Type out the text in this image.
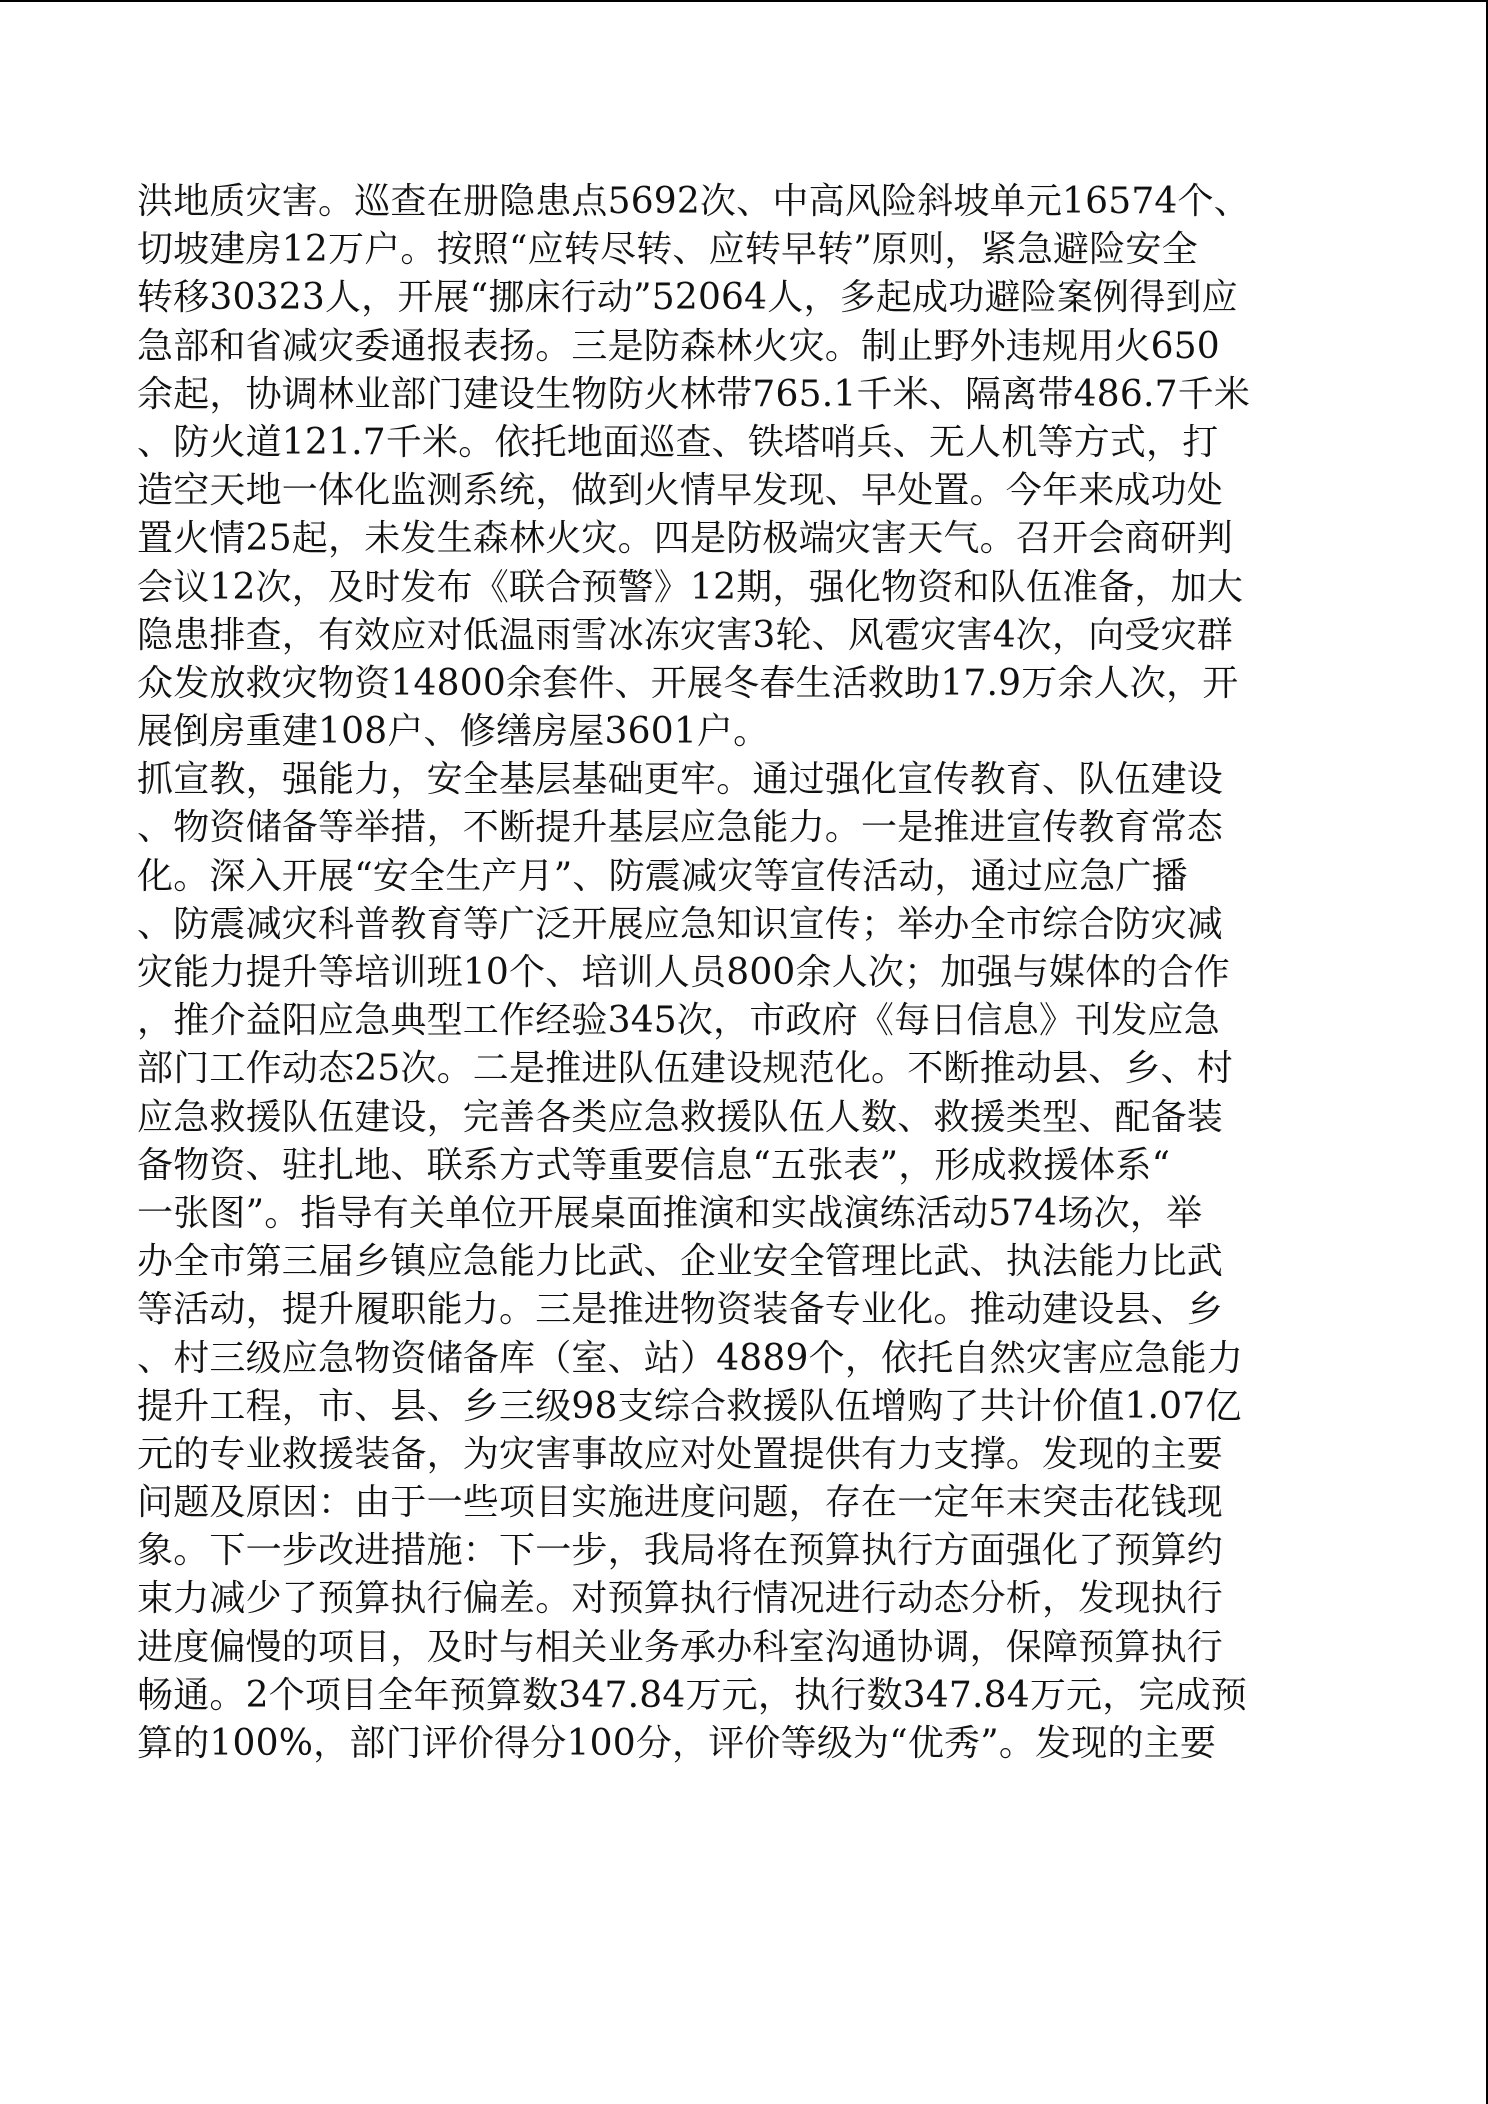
洪地质灾害。巡查在册隐患点5692次、中高风险斜坡单元16574个、
切坡建房12万户。按照“应转尽转、应转早转”原则，紧急避险安全
转移30323人，开展“挪床行动”52064人，多起成功避险案例得到应
急部和省减灾委通报表扬。三是防森林火灾。制止野外违规用火650
余起，协调林业部门建设生物防火林带765.1千米、隔离带486.7千米
、防火道121.7千米。依托地面巡查、铁塔哨兵、无人机等方式，打
造空天地一体化监测系统，做到火情早发现、早处置。今年来成功处
置火情25起，未发生森林火灾。四是防极端灾害天气。召开会商研判
会议12次，及时发布《联合预警》12期，强化物资和队伍准备，加大
隐患排查，有效应对低温雨雪冰冻灾害3轮、风雹灾害4次，向受灾群
众发放救灾物资14800余套件、开展冬春生活救助17.9万余人次，开
展倒房重建108户、修缮房屋3601户。
抓宣教，强能力，安全基层基础更牢。通过强化宣传教育、队伍建设
、物资储备等举措，不断提升基层应急能力。一是推进宣传教育常态
化。深入开展“安全生产月”、防震减灾等宣传活动，通过应急广播
、防震减灾科普教育等广泛开展应急知识宣传；举办全市综合防灾减
灾能力提升等培训班10个、培训人员800余人次；加强与媒体的合作
，推介益阳应急典型工作经验345次，市政府《每日信息》刊发应急
部门工作动态25次。二是推进队伍建设规范化。不断推动县、乡、村
应急救援队伍建设，完善各类应急救援队伍人数、救援类型、配备装
备物资、驻扎地、联系方式等重要信息“五张表”，形成救援体系“
一张图”。指导有关单位开展桌面推演和实战演练活动574场次，举
办全市第三届乡镇应急能力比武、企业安全管理比武、执法能力比武
等活动，提升履职能力。三是推进物资装备专业化。推动建设县、乡
、村三级应急物资储备库（室、站）4889个，依托自然灾害应急能力
提升工程，市、县、乡三级98支综合救援队伍增购了共计价值1.07亿
元的专业救援装备，为灾害事故应对处置提供有力支撑。发现的主要
问题及原因：由于一些项目实施进度问题，存在一定年末突击花钱现
象。下一步改进措施：下一步，我局将在预算执行方面强化了预算约
束力减少了预算执行偏差。对预算执行情况进行动态分析，发现执行
进度偏慢的项目，及时与相关业务承办科室沟通协调，保障预算执行
畅通。2个项目全年预算数347.84万元，执行数347.84万元，完成预
算的100%，部门评价得分100分，评价等级为“优秀”。发现的主要
